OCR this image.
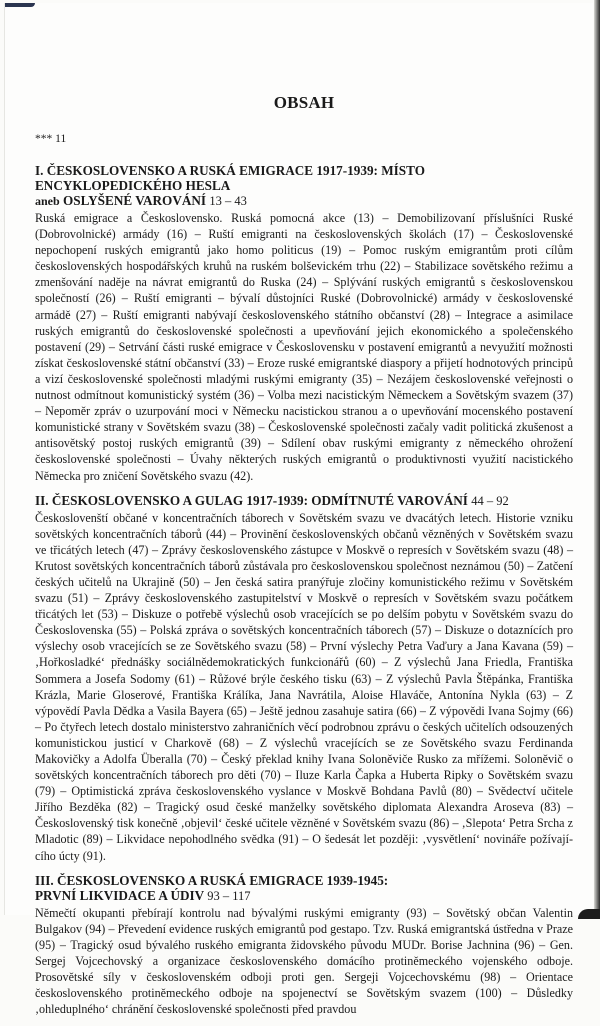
OBSAH
*** 11
I. ČESKOSLOVENSKO A RUSKÁ EMIGRACE 1917-1939: MÍSTO ENCYKLOPEDICKÉHO HESLA
aneb OSLYŠENÉ VAROVÁNÍ 13 – 43

Ruská emigrace a Československo. Ruská pomocná akce (13) – Demobilizovaní příslušníci Ruské (Dobrovolnické) armády (16) – Ruští emigranti na československých školách (17) – Československé nepochopení ruských emigrantů jako homo politicus (19) – Pomoc ruským emigrantům proti cílům československých hospodářských kruhů na ruském bolševickém trhu (22) – Stabilizace sovětského režimu a zmenšování naděje na návrat emigrantů do Ruska (24) – Splývání ruských emigrantů s československou společností (26) – Ruští emigranti – bývalí důstojníci Ruské (Dobrovolnické) armády v československé armádě (27) – Ruští emigranti nabývají československého státního občanství (28) – Integrace a asimilace ruských emigrantů do československé společnosti a upevňování jejich ekonomického a společenského postavení (29) – Setrvání části ruské emigrace v Československu v postavení emigrantů a nevyužití možnosti získat československé státní občanství (33) – Eroze ruské emigrantské diaspory a přijetí hodnotových principů a vizí československé společnosti mladými ruskými emigranty (35) – Nezájem československé veřejnosti o nutnost odmítnout komunistický systém (36) – Volba mezi nacistickým Německem a Sovětským svazem (37) – Nepoměr zpráv o uzurpování moci v Německu nacistickou stranou a o upevňování mocenského postavení komunistické strany v Sovětském svazu (38) – Československé společnosti začaly vadit politická zkušenost a antisovětský postoj ruských emigrantů (39) – Sdílení obav ruskými emigranty z německého ohrožení československé společnosti – Úvahy některých ruských emigrantů o produktivnosti využití nacistického Německa pro zničení Sovětského svazu (42).

II. ČESKOSLOVENSKO A GULAG 1917-1939: ODMÍTNUTÉ VAROVÁNÍ 44 – 92

Českoslovenští občané v koncentračních táborech v Sovětském svazu ve dvacátých letech. Historie vzniku sovětských koncentračních táborů (44) – Provinění československých občanů vězněných v Sovětském svazu ve třicátých letech (47) – Zprávy československého zástupce v Moskvě o represích v Sovětském svazu (48) – Krutost sovětských koncentračních táborů zůstávala pro československou společnost neznámou (50) – Zatčení českých učitelů na Ukrajině (50) – Jen česká satira pranýřuje zločiny komunistického režimu v Sovětském svazu (51) – Zprávy československého zastupitelství v Moskvě o represích v Sovětském svazu počátkem třicátých let (53) – Diskuze o potřebě výslechů osob vracejících se po delším pobytu v Sovětském svazu do Československa (55) – Polská zpráva o sovětských koncentračních táborech (57) – Diskuze o dotaznících pro výslechy osob vracejících se ze Sovětského svazu (58) – První výslechy Petra Vaďury a Jana Kavana (59) – ‚Hořkosladké‘ přednášky sociálnědemokratických funkcionářů (60) – Z výslechů Jana Friedla, Františka Sommera a Josefa Sodomy (61) – Růžové brýle českého tisku (63) – Z výslechů Pavla Štěpánka, Františka Krázla, Marie Gloserové, Františka Králíka, Jana Navrátila, Aloise Hlaváče, Antonína Nykla (63) – Z výpovědí Pavla Dědka a Vasila Bayera (65) – Ještě jednou zasahuje satira (66) – Z výpovědi Ivana Sojmy (66) – Po čtyřech letech dostalo ministerstvo zahraničních věcí podrobnou zprávu o českých učitelích odsouzených komunistickou justicí v Charkově (68) – Z výslechů vracejících se ze Sovětského svazu Ferdinanda Makovičky a Adolfa Überalla (70) – Český překlad knihy Ivana Soloněviče Rusko za mřížemi. Soloněvič o sovětských koncentračních táborech pro děti (70) – Iluze Karla Čapka a Huberta Ripky o Sovětském svazu (79) – Optimistická zpráva československého vyslance v Moskvě Bohdana Pavlů (80) – Svědectví učitele Jiřího Bezděka (82) – Tragický osud české manželky sovětského diplomata Alexandra Aroseva (83) – Československý tisk konečně ‚objevil‘ české učitele vězněné v Sovětském svazu (86) – ‚Slepota‘ Petra Srcha z Mladotic (89) – Likvidace nepohodlného svědka (91) – O šedesát let později: ‚vysvětlení‘ novináře požívajícího úcty (91).

III. ČESKOSLOVENSKO A RUSKÁ EMIGRACE 1939-1945:
PRVNÍ LIKVIDACE A ÚDIV 93 – 117

Němečtí okupanti přebírají kontrolu nad bývalými ruskými emigranty (93) – Sovětský občan Valentin Bulgakov (94) – Převedení evidence ruských emigrantů pod gestapo. Tzv. Ruská emigrantská ústředna v Praze (95) – Tragický osud bývalého ruského emigranta židovského původu MUDr. Borise Jachnina (96) – Gen. Sergej Vojcechovský a organizace československého domácího protiněmeckého vojenského odboje. Prosovětské síly v československém odboji proti gen. Sergeji Vojcechovskému (98) – Orientace československého protiněmeckého odboje na spojenectví se Sovětským svazem (100) – Důsledky ‚ohleduplného‘ chránění československé společnosti před pravdou
